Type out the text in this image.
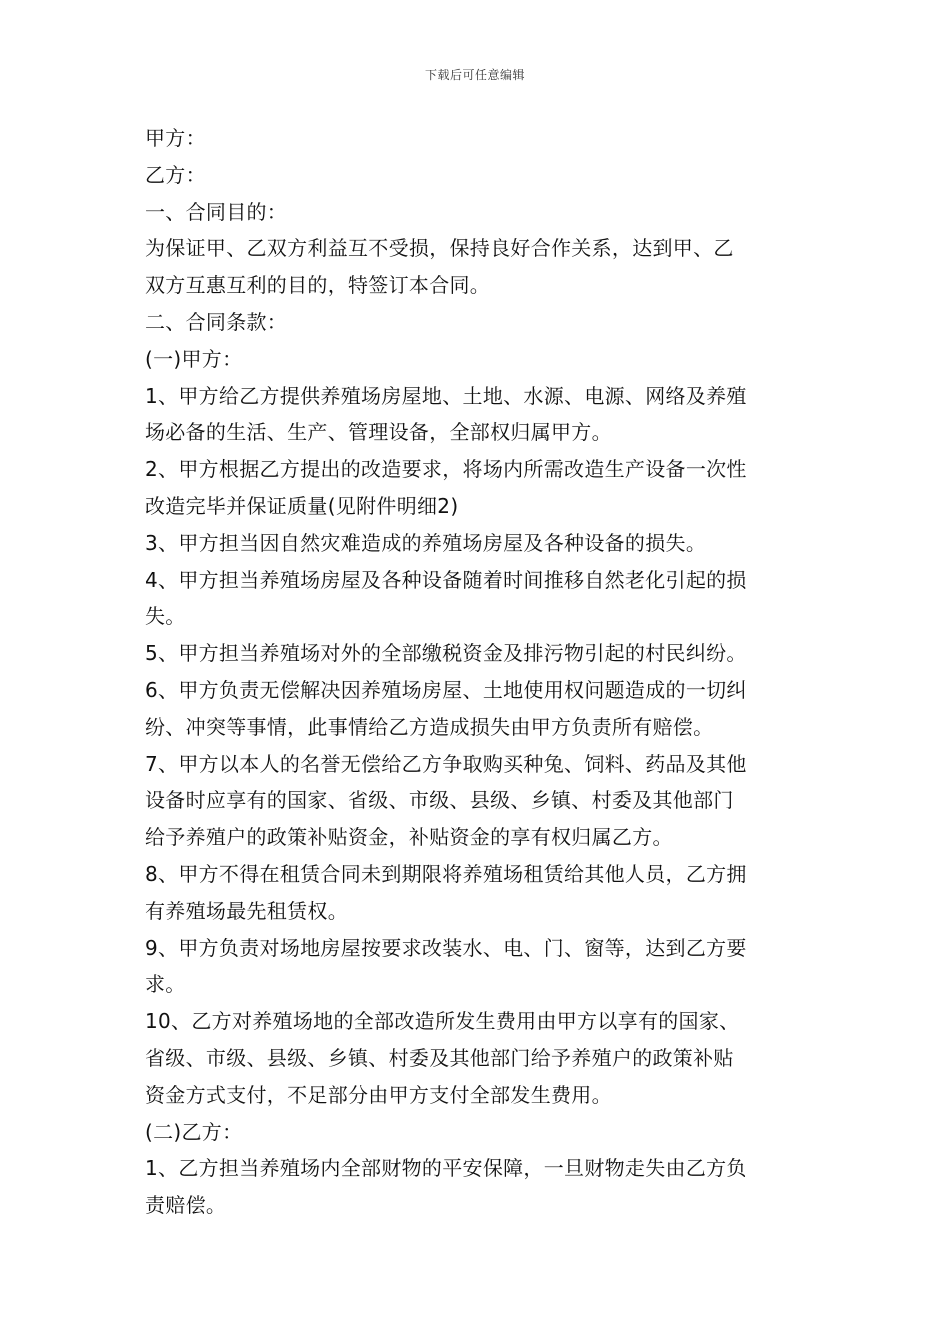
下载后可任意编辑

甲方：

乙方：

一、合同目的：

为保证甲、乙双方利益互不受损，保持良好合作关系，达到甲、乙

双方互惠互利的目的，特签订本合同。

二、合同条款：

(一)甲方：

1、甲方给乙方提供养殖场房屋地、土地、水源、电源、网络及养殖

场必备的生活、生产、管理设备，全部权归属甲方。

2、甲方根据乙方提出的改造要求，将场内所需改造生产设备一次性

改造完毕并保证质量(见附件明细2)

3、甲方担当因自然灾难造成的养殖场房屋及各种设备的损失。

4、甲方担当养殖场房屋及各种设备随着时间推移自然老化引起的损

失。

5、甲方担当养殖场对外的全部缴税资金及排污物引起的村民纠纷。

6、甲方负责无偿解决因养殖场房屋、土地使用权问题造成的一切纠

纷、冲突等事情，此事情给乙方造成损失由甲方负责所有赔偿。

7、甲方以本人的名誉无偿给乙方争取购买种兔、饲料、药品及其他

设备时应享有的国家、省级、市级、县级、乡镇、村委及其他部门

给予养殖户的政策补贴资金，补贴资金的享有权归属乙方。

8、甲方不得在租赁合同未到期限将养殖场租赁给其他人员，乙方拥

有养殖场最先租赁权。

9、甲方负责对场地房屋按要求改装水、电、门、窗等，达到乙方要

求。

10、乙方对养殖场地的全部改造所发生费用由甲方以享有的国家、

省级、市级、县级、乡镇、村委及其他部门给予养殖户的政策补贴

资金方式支付，不足部分由甲方支付全部发生费用。

(二)乙方：

1、乙方担当养殖场内全部财物的平安保障，一旦财物走失由乙方负

责赔偿。
